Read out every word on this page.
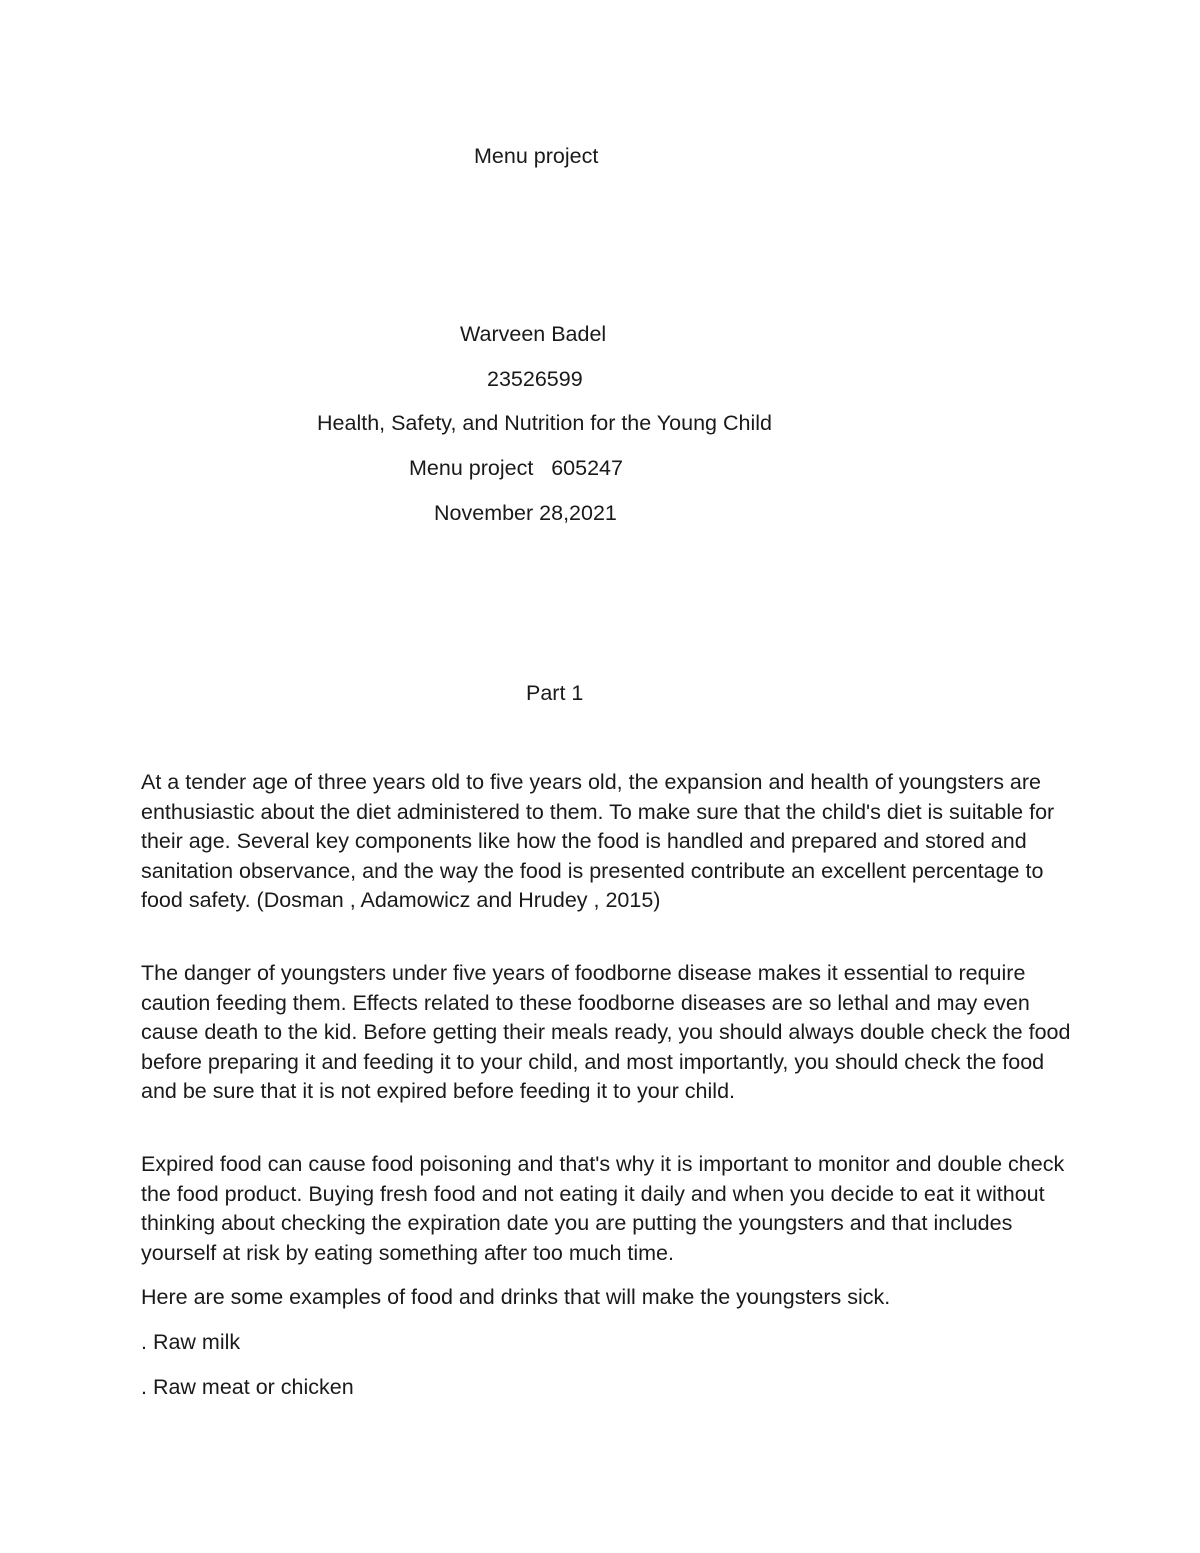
Menu project
Warveen Badel
23526599
Health, Safety, and Nutrition for the Young Child
Menu project   605247
November 28,2021
Part 1

At a tender age of three years old to five years old, the expansion and health of youngsters are enthusiastic about the diet administered to them. To make sure that the child's diet is suitable for their age. Several key components like how the food is handled and prepared and stored and sanitation observance, and the way the food is presented contribute an excellent percentage to food safety. (Dosman , Adamowicz and Hrudey , 2015)

The danger of youngsters under five years of foodborne disease makes it essential to require caution feeding them. Effects related to these foodborne diseases are so lethal and may even cause death to the kid. Before getting their meals ready, you should always double check the food before preparing it and feeding it to your child, and most importantly, you should check the food and be sure that it is not expired before feeding it to your child.

Expired food can cause food poisoning and that's why it is important to monitor and double check the food product. Buying fresh food and not eating it daily and when you decide to eat it without thinking about checking the expiration date you are putting the youngsters and that includes yourself at risk by eating something after too much time.

Here are some examples of food and drinks that will make the youngsters sick.

. Raw milk
. Raw meat or chicken
